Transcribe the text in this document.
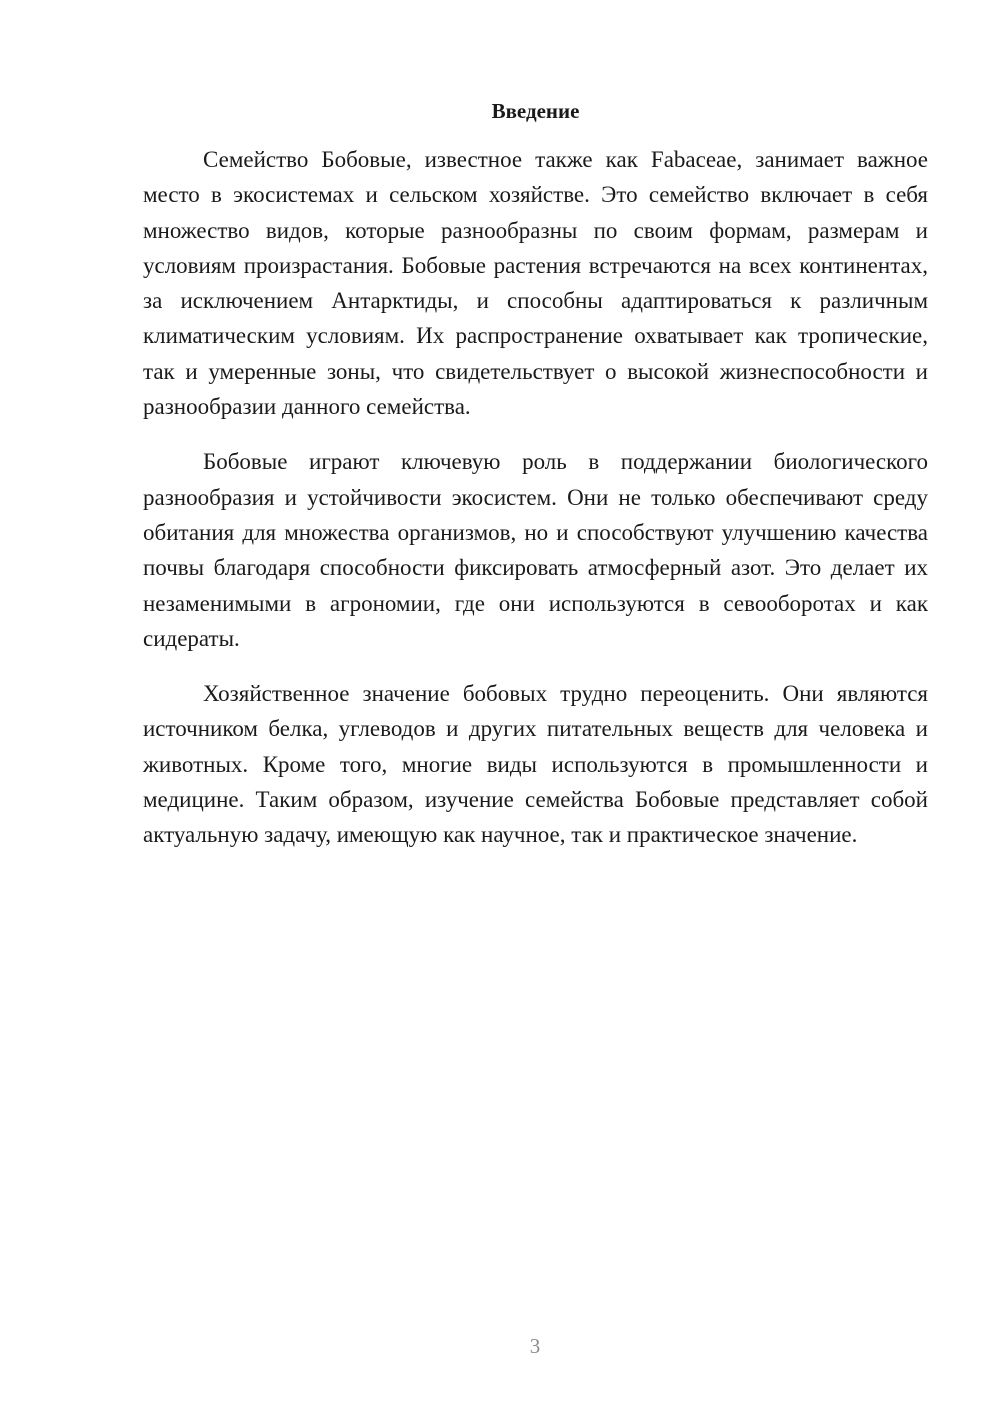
Введение

Семейство Бобовые, известное также как Fabaceae, занимает важное место в экосистемах и сельском хозяйстве. Это семейство включает в себя множество видов, которые разнообразны по своим формам, размерам и условиям произрастания. Бобовые растения встречаются на всех континентах, за исключением Антарктиды, и способны адаптироваться к различным климатическим условиям. Их распространение охватывает как тропические, так и умеренные зоны, что свидетельствует о высокой жизнеспособности и разнообразии данного семейства.

Бобовые играют ключевую роль в поддержании биологического разнообразия и устойчивости экосистем. Они не только обеспечивают среду обитания для множества организмов, но и способствуют улучшению качества почвы благодаря способности фиксировать атмосферный азот. Это делает их незаменимыми в агрономии, где они используются в севооборотах и как сидераты.

Хозяйственное значение бобовых трудно переоценить. Они являются источником белка, углеводов и других питательных веществ для человека и животных. Кроме того, многие виды используются в промышленности и медицине. Таким образом, изучение семейства Бобовые представляет собой актуальную задачу, имеющую как научное, так и практическое значение.

3
